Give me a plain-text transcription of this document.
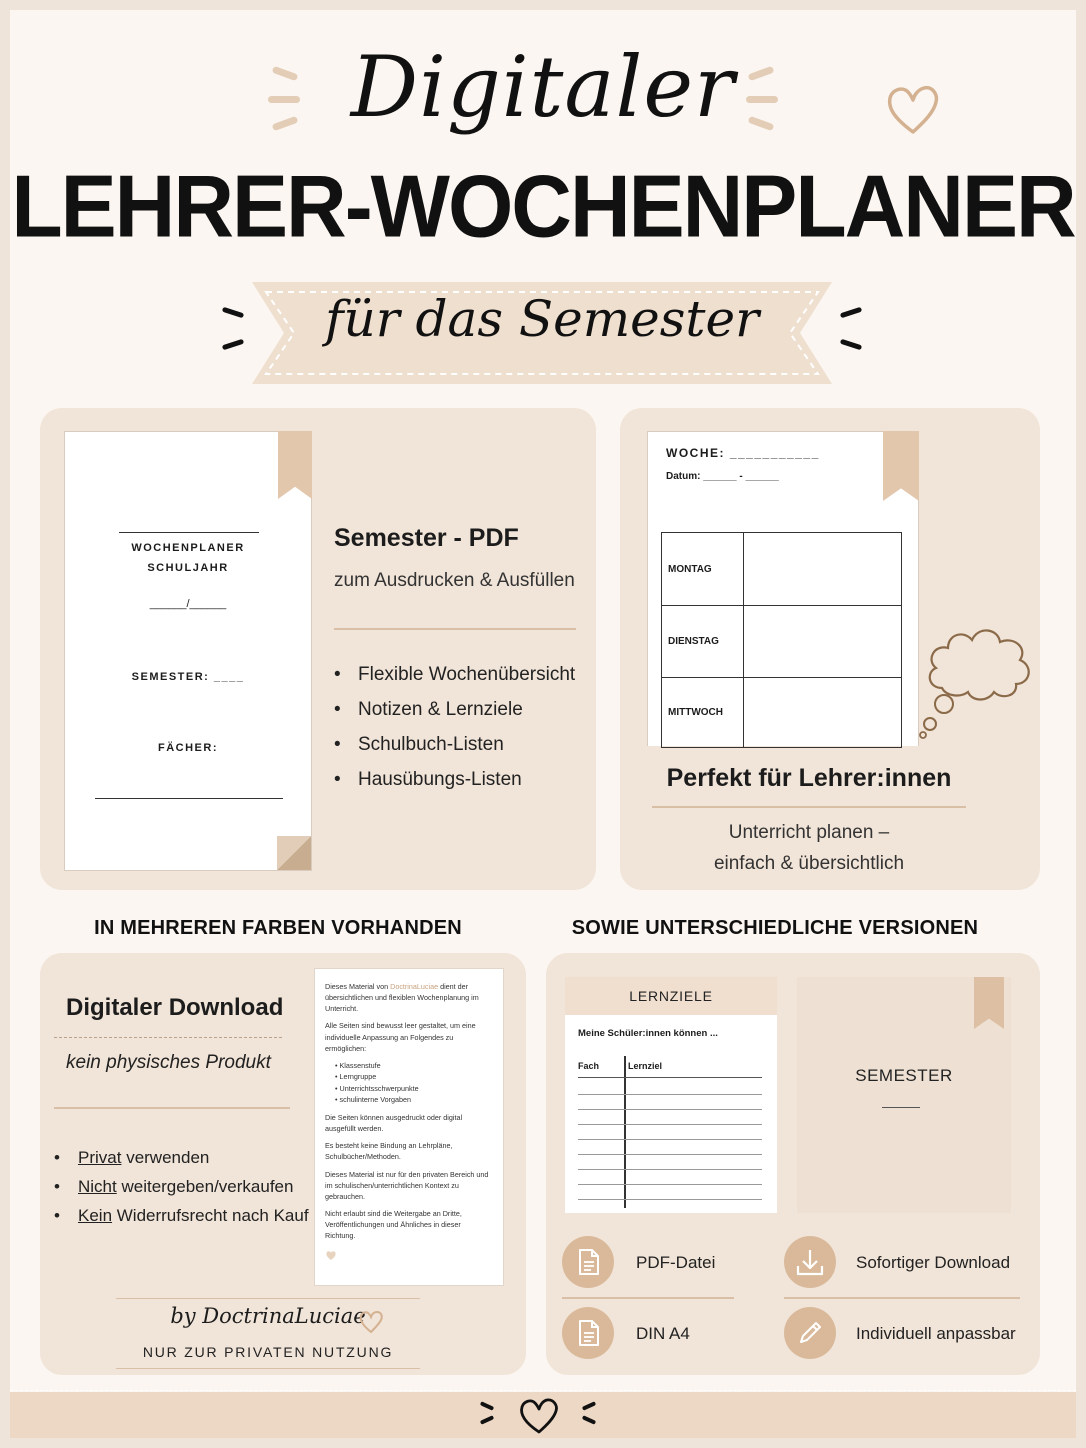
Digitaler
LEHRER-WOCHENPLANER
für das Semester
WOCHENPLANER
SCHULJAHR
______/______
SEMESTER: ____
FÄCHER:
Semester - PDF
zum Ausdrucken & Ausfüllen
• Flexible Wochenübersicht
• Notizen & Lernziele
• Schulbuch-Listen
• Hausübungs-Listen
WOCHE: ___________
Datum: ______ - ______
MONTAG	
DIENSTAG	
MITTWOCH	
Perfekt für Lehrer:innen
Unterricht planen –
einfach & übersichtlich
IN MEHREREN FARBEN VORHANDEN	SOWIE UNTERSCHIEDLICHE VERSIONEN
Digitaler Download
kein physisches Produkt
• Privat verwenden
• Nicht weitergeben/verkaufen
• Kein Widerrufsrecht nach Kauf

Dieses Material von DoctrinaLuciae dient der übersichtlichen und flexiblen Wochenplanung im Unterricht.

Alle Seiten sind bewusst leer gestaltet, um eine individuelle Anpassung an Folgendes zu ermöglichen:

• Klassenstufe
• Lerngruppe
• Unterrichtsschwerpunkte
• schulinterne Vorgaben

Die Seiten können ausgedruckt oder digital ausgefüllt werden.

Es besteht keine Bindung an Lehrpläne, Schulbücher/Methoden.

Dieses Material ist nur für den privaten Bereich und im schulischen/unterrichtlichen Kontext zu gebrauchen.

Nicht erlaubt sind die Weitergabe an Dritte, Veröffentlichungen und Ähnliches in dieser Richtung.

by DoctrinaLuciae
NUR ZUR PRIVATEN NUTZUNG
LERNZIELE
Meine Schüler:innen können ...
Fach	Lernziel	SEMESTER
PDF-Datei	Sofortiger Download
DIN A4	Individuell anpassbar
